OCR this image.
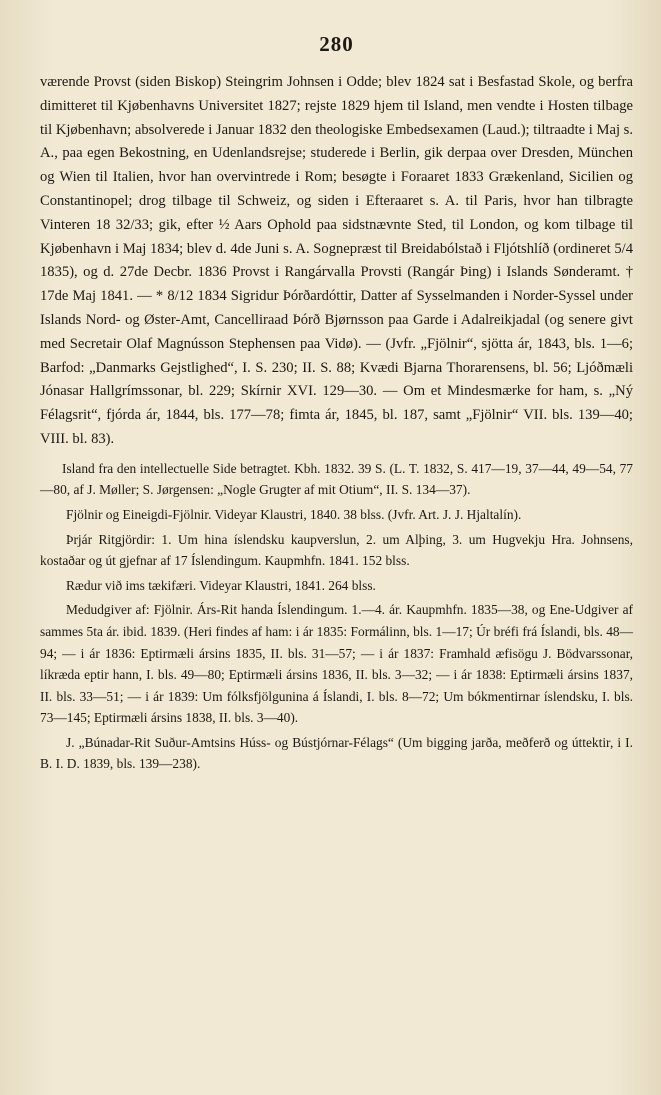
280

værende Provst (siden Biskop) Steingrim Johnsen i Odde; blev 1824 sat i Besfastad Skole, og berfra dimitteret til Kjøbenhavns Universitet 1827; rejste 1829 hjem til Island, men vendte i Hosten tilbage til Kjøbenhavn; absolverede i Januar 1832 den theologiske Embedsexamen (Laud.); tiltraadte i Maj s. A., paa egen Bekostning, en Udenlandsrejse; studerede i Berlin, gik derpaa over Dresden, München og Wien til Italien, hvor han overvintrede i Rom; besøgte i Foraaret 1833 Grækenland, Sicilien og Constantinopel; drog tilbage til Schweiz, og siden i Efteraaret s. A. til Paris, hvor han tilbragte Vinteren 18 32/33; gik, efter ½ Aars Ophold paa sidstnævnte Sted, til London, og kom tilbage til Kjøbenhavn i Maj 1834; blev d. 4de Juni s. A. Sognepræst til Breidabólstað i Fljótshlíð (ordineret 5/4 1835), og d. 27de Decbr. 1836 Provst i Rangárvalla Provsti (Rangár Þing) i Islands Sønderamt. † 17de Maj 1841. — * 8/12 1834 Sigridur Þórðardóttir, Datter af Sysselmanden i Norder-Syssel under Islands Nord- og Øster-Amt, Cancelliraad Þórð Bjørnsson paa Garde i Adalreikjadal (og senere givt med Secretair Olaf Magnússon Stephensen paa Vidø). — (Jvfr. „Fjölnir“, sjötta ár, 1843, bls. 1—6; Barfod: „Danmarks Gejstlighed“, I. S. 230; II. S. 88; Kvædi Bjarna Thorarensens, bl. 56; Ljóðmæli Jónasar Hallgrímssonar, bl. 229; Skírnir XVI. 129—30. — Om et Mindesmærke for ham, s. „Ný Félagsrit“, fjórda ár, 1844, bls. 177—78; fimta ár, 1845, bl. 187, samt „Fjölnir“ VII. bls. 139—40; VIII. bl. 83).

Island fra den intellectuelle Side betragtet. Kbh. 1832. 39 S. (L. T. 1832, S. 417—19, 37—44, 49—54, 77—80, af J. Møller; S. Jørgensen: „Nogle Grugter af mit Otium“, II. S. 134—37).

Fjölnir og Eineigdi-Fjölnir. Videyar Klaustri, 1840. 38 blss. (Jvfr. Art. J. J. Hjaltalín).

Þrjár Ritgjördir: 1. Um hina íslendsku kaupverslun, 2. um Alþing, 3. um Hugvekju Hra. Johnsens, kostaðar og út gjefnar af 17 Íslendingum. Kaupmhfn. 1841. 152 blss.

Rædur við ims tækifæri. Videyar Klaustri, 1841. 264 blss.

Medudgiver af: Fjölnir. Árs-Rit handa Íslendingum. 1.—4. ár. Kaupmhfn. 1835—38, og Ene-Udgiver af sammes 5ta ár. ibid. 1839. (Heri findes af ham: i ár 1835: Formálinn, bls. 1—17; Úr bréfi frá Íslandi, bls. 48—94; — i ár 1836: Eptirmæli ársins 1835, II. bls. 31—57; — i ár 1837: Framhald æfisögu J. Bödvarssonar, líkræda eptir hann, I. bls. 49—80; Eptirmæli ársins 1836, II. bls. 3—32; — i ár 1838: Eptirmæli ársins 1837, II. bls. 33—51; — i ár 1839: Um fólksfjölgunina á Íslandi, I. bls. 8—72; Um bókmentirnar íslendsku, I. bls. 73—145; Eptirmæli ársins 1838, II. bls. 3—40).

J. „Búnadar-Rit Suður-Amtsins Húss- og Bústjórnar-Félags“ (Um bigging jarða, meðferð og úttektir, i I. B. I. D. 1839, bls. 139—238).
